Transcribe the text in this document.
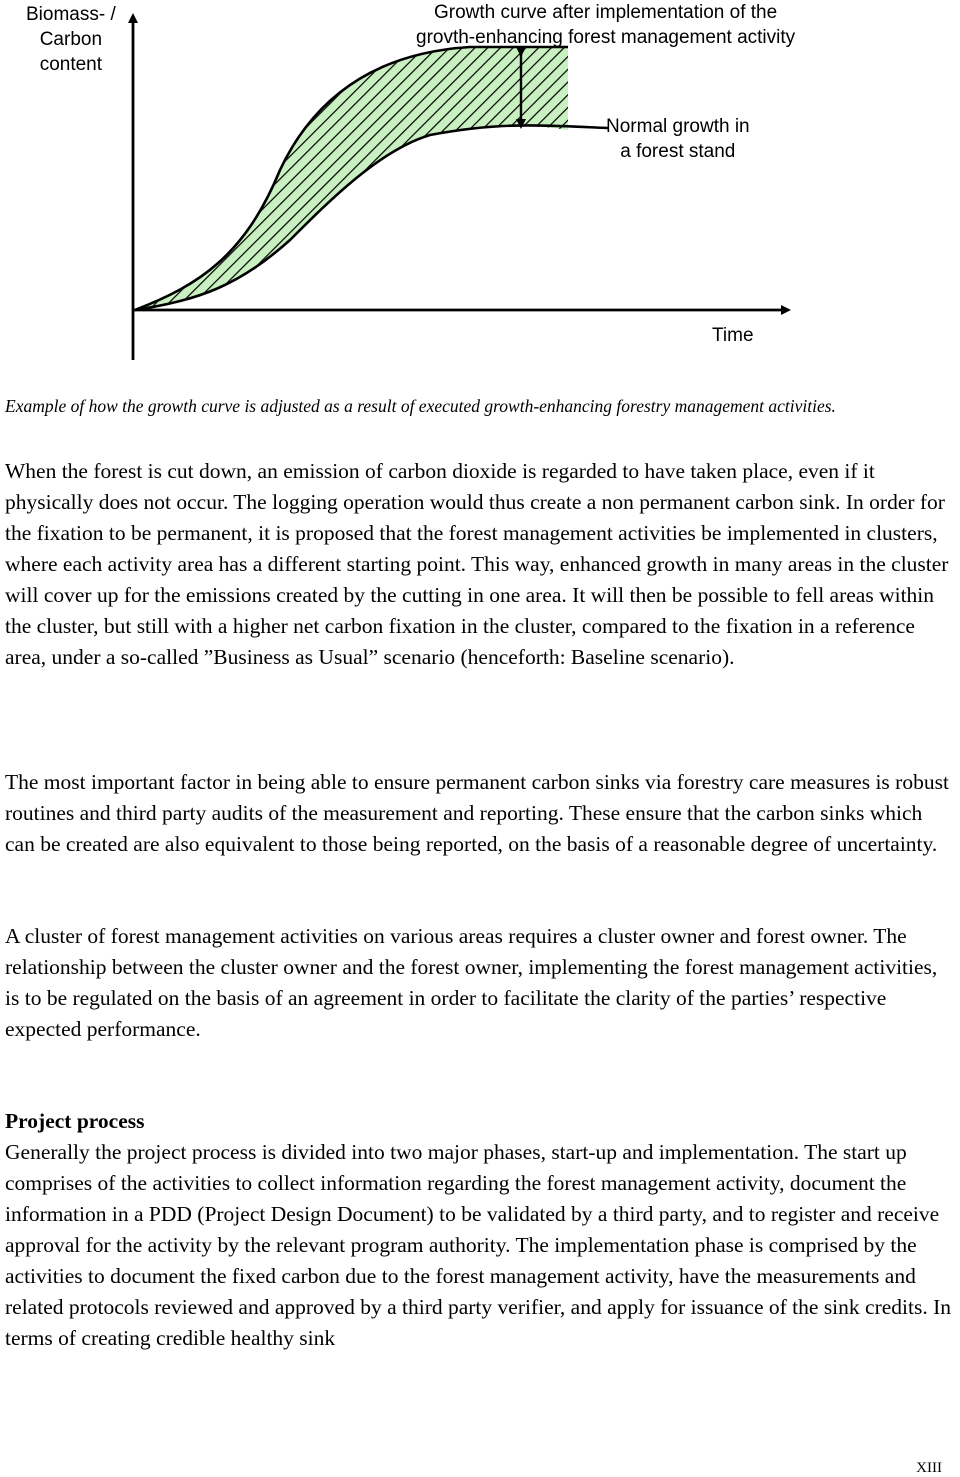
Biomass- /
Carbon
content
Growth curve after implementation of the
grovth-enhancing forest management activity
Normal growth in
a forest stand
Time

Example of how the growth curve is adjusted as a result of executed growth-enhancing forestry management activities.

When the forest is cut down, an emission of carbon dioxide is regarded to have taken place, even if it physically does not occur. The logging operation would thus create a non permanent carbon sink. In order for the fixation to be permanent, it is proposed that the forest management activities be implemented in clusters, where each activity area has a different starting point. This way, enhanced growth in many areas in the cluster will cover up for the emissions created by the cutting in one area. It will then be possible to fell areas within the cluster, but still with a higher net carbon fixation in the cluster, compared to the fixation in a reference area, under a so-called ”Business as Usual” scenario (henceforth: Baseline scenario).

The most important factor in being able to ensure permanent carbon sinks via forestry care measures is robust routines and third party audits of the measurement and reporting. These ensure that the carbon sinks which can be created are also equivalent to those being reported, on the basis of a reasonable degree of uncertainty.

A cluster of forest management activities on various areas requires a cluster owner and forest owner. The relationship between the cluster owner and the forest owner, implementing the forest management activities, is to be regulated on the basis of an agreement in order to facilitate the clarity of the parties’ respective expected performance.

Project process

Generally the project process is divided into two major phases, start-up and implementation. The start up comprises of the activities to collect information regarding the forest management activity, document the information in a PDD (Project Design Document) to be validated by a third party, and to register and receive approval for the activity by the relevant program authority. The implementation phase is comprised by the activities to document the fixed carbon due to the forest management activity, have the measurements and related protocols reviewed and approved by a third party verifier, and apply for issuance of the sink credits. In terms of creating credible healthy sink

XIII
